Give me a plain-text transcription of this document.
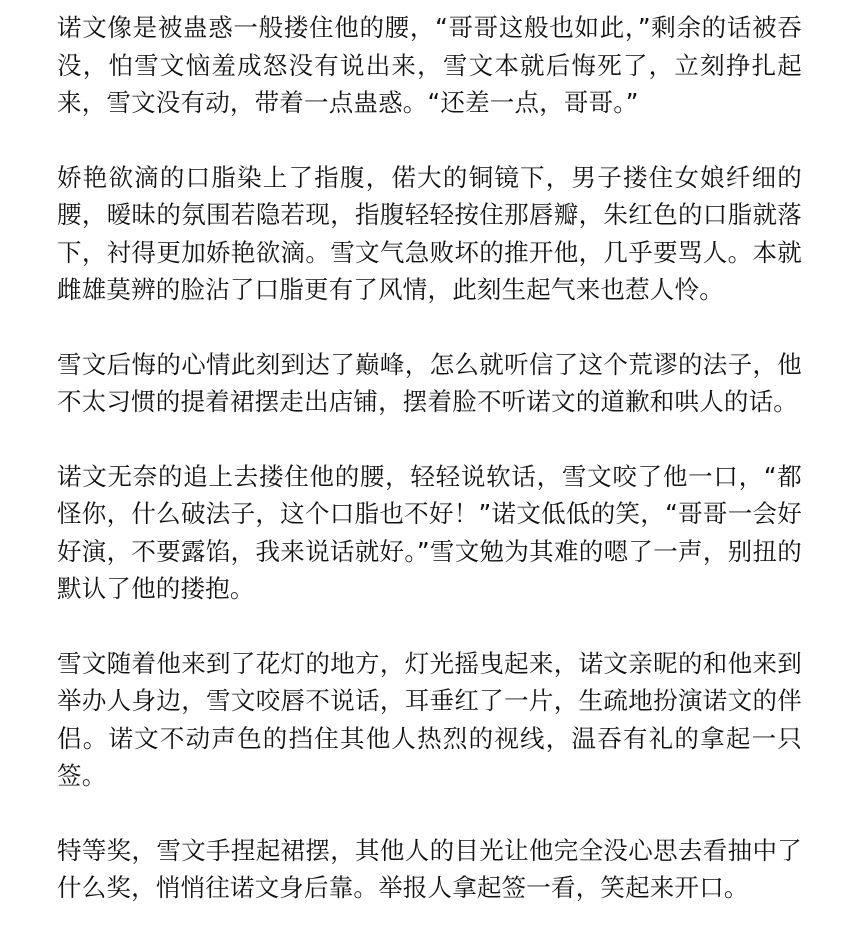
诺文像是被蛊惑一般搂住他的腰，“哥哥这般也如此，”剩余的话被吞没，怕雪文恼羞成怒没有说出来，雪文本就后悔死了，立刻挣扎起来，雪文没有动，带着一点蛊惑。“还差一点，哥哥。”

娇艳欲滴的口脂染上了指腹，偌大的铜镜下，男子搂住女娘纤细的腰，暧昧的氛围若隐若现，指腹轻轻按住那唇瓣，朱红色的口脂就落下，衬得更加娇艳欲滴。雪文气急败坏的推开他，几乎要骂人。本就雌雄莫辨的脸沾了口脂更有了风情，此刻生起气来也惹人怜。

雪文后悔的心情此刻到达了巅峰，怎么就听信了这个荒谬的法子，他不太习惯的提着裙摆走出店铺，摆着脸不听诺文的道歉和哄人的话。

诺文无奈的追上去搂住他的腰，轻轻说软话，雪文咬了他一口，“都怪你，什么破法子，这个口脂也不好！”诺文低低的笑，“哥哥一会好好演，不要露馅，我来说话就好。”雪文勉为其难的嗯了一声，别扭的默认了他的搂抱。

雪文随着他来到了花灯的地方，灯光摇曳起来，诺文亲昵的和他来到举办人身边，雪文咬唇不说话，耳垂红了一片，生疏地扮演诺文的伴侣。诺文不动声色的挡住其他人热烈的视线，温吞有礼的拿起一只签。

特等奖，雪文手捏起裙摆，其他人的目光让他完全没心思去看抽中了什么奖，悄悄往诺文身后靠。举报人拿起签一看，笑起来开口。
